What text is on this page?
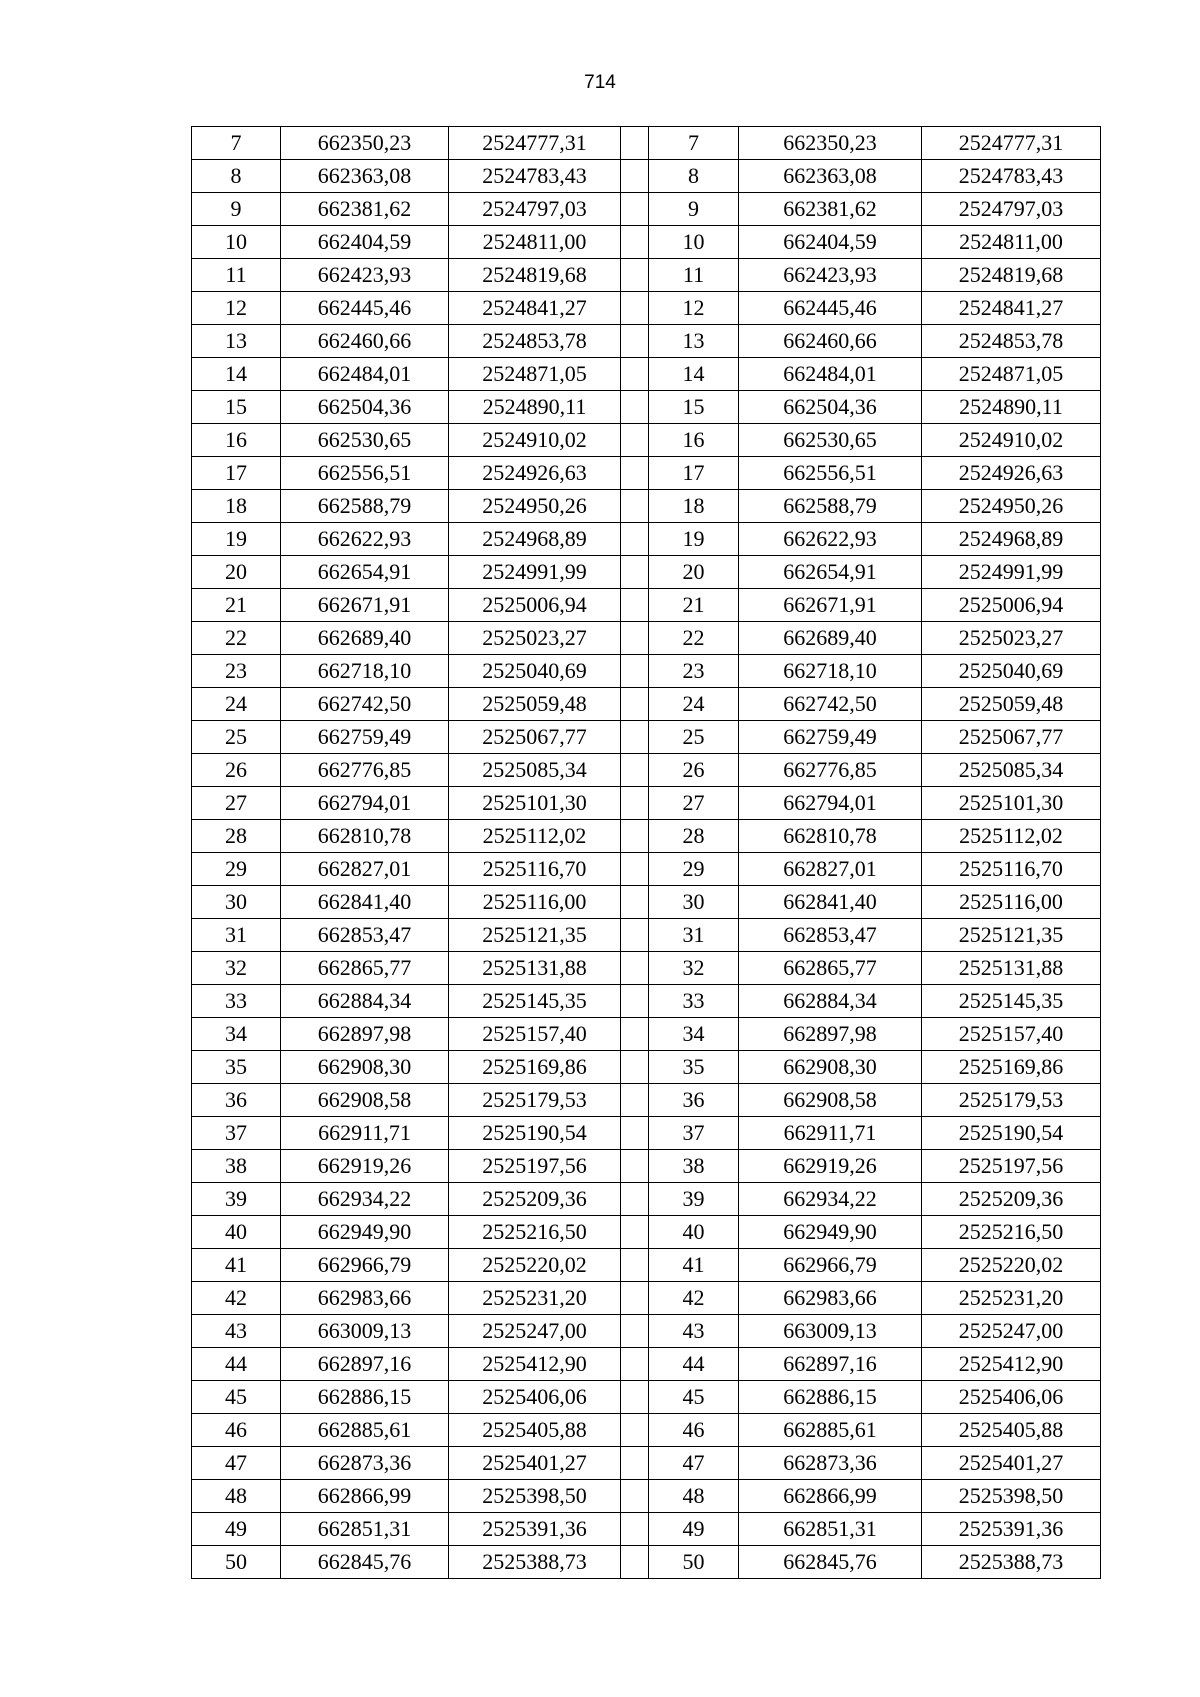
714
7	662350,23	2524777,31		7	662350,23	2524777,31
8	662363,08	2524783,43		8	662363,08	2524783,43
9	662381,62	2524797,03		9	662381,62	2524797,03
10	662404,59	2524811,00		10	662404,59	2524811,00
11	662423,93	2524819,68		11	662423,93	2524819,68
12	662445,46	2524841,27		12	662445,46	2524841,27
13	662460,66	2524853,78		13	662460,66	2524853,78
14	662484,01	2524871,05		14	662484,01	2524871,05
15	662504,36	2524890,11		15	662504,36	2524890,11
16	662530,65	2524910,02		16	662530,65	2524910,02
17	662556,51	2524926,63		17	662556,51	2524926,63
18	662588,79	2524950,26		18	662588,79	2524950,26
19	662622,93	2524968,89		19	662622,93	2524968,89
20	662654,91	2524991,99		20	662654,91	2524991,99
21	662671,91	2525006,94		21	662671,91	2525006,94
22	662689,40	2525023,27		22	662689,40	2525023,27
23	662718,10	2525040,69		23	662718,10	2525040,69
24	662742,50	2525059,48		24	662742,50	2525059,48
25	662759,49	2525067,77		25	662759,49	2525067,77
26	662776,85	2525085,34		26	662776,85	2525085,34
27	662794,01	2525101,30		27	662794,01	2525101,30
28	662810,78	2525112,02		28	662810,78	2525112,02
29	662827,01	2525116,70		29	662827,01	2525116,70
30	662841,40	2525116,00		30	662841,40	2525116,00
31	662853,47	2525121,35		31	662853,47	2525121,35
32	662865,77	2525131,88		32	662865,77	2525131,88
33	662884,34	2525145,35		33	662884,34	2525145,35
34	662897,98	2525157,40		34	662897,98	2525157,40
35	662908,30	2525169,86		35	662908,30	2525169,86
36	662908,58	2525179,53		36	662908,58	2525179,53
37	662911,71	2525190,54		37	662911,71	2525190,54
38	662919,26	2525197,56		38	662919,26	2525197,56
39	662934,22	2525209,36		39	662934,22	2525209,36
40	662949,90	2525216,50		40	662949,90	2525216,50
41	662966,79	2525220,02		41	662966,79	2525220,02
42	662983,66	2525231,20		42	662983,66	2525231,20
43	663009,13	2525247,00		43	663009,13	2525247,00
44	662897,16	2525412,90		44	662897,16	2525412,90
45	662886,15	2525406,06		45	662886,15	2525406,06
46	662885,61	2525405,88		46	662885,61	2525405,88
47	662873,36	2525401,27		47	662873,36	2525401,27
48	662866,99	2525398,50		48	662866,99	2525398,50
49	662851,31	2525391,36		49	662851,31	2525391,36
50	662845,76	2525388,73		50	662845,76	2525388,73
